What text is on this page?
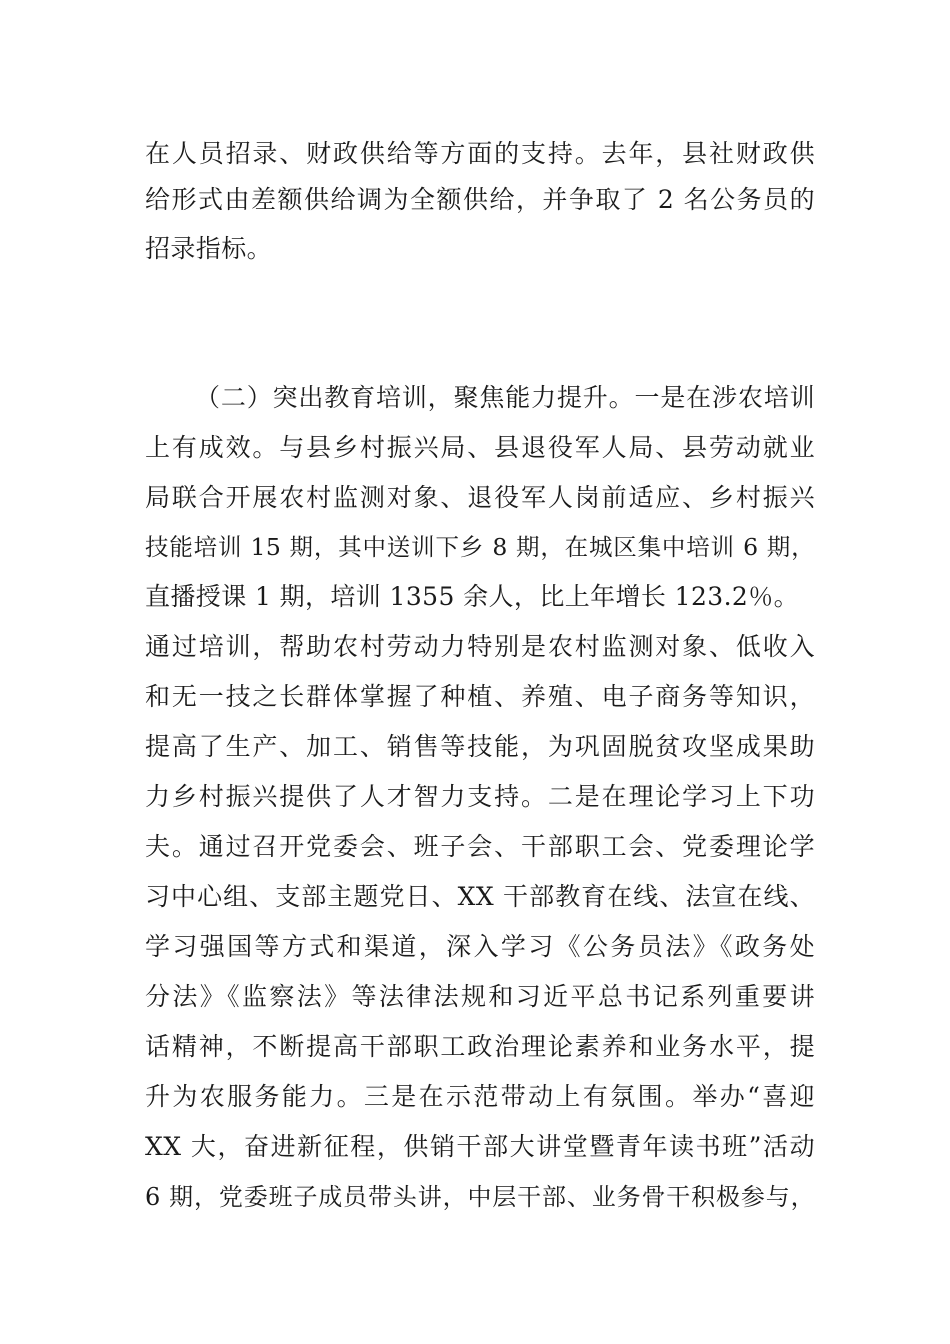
在人员招录、财政供给等方面的支持。去年，县社财政供
给形式由差额供给调为全额供给，并争取了 2 名公务员的
招录指标。
（二）突出教育培训，聚焦能力提升。一是在涉农培训
上有成效。与县乡村振兴局、县退役军人局、县劳动就业
局联合开展农村监测对象、退役军人岗前适应、乡村振兴
技能培训 15 期，其中送训下乡 8 期，在城区集中培训 6 期，
直播授课 1 期，培训 1355 余人，比上年增长 123.2％。
通过培训，帮助农村劳动力特别是农村监测对象、低收入
和无一技之长群体掌握了种植、养殖、电子商务等知识，
提高了生产、加工、销售等技能，为巩固脱贫攻坚成果助
力乡村振兴提供了人才智力支持。二是在理论学习上下功
夫。通过召开党委会、班子会、干部职工会、党委理论学
习中心组、支部主题党日、XX 干部教育在线、法宣在线、
学习强国等方式和渠道，深入学习《公务员法》《政务处
分法》《监察法》等法律法规和习近平总书记系列重要讲
话精神，不断提高干部职工政治理论素养和业务水平，提
升为农服务能力。三是在示范带动上有氛围。举办“喜迎
XX 大，奋进新征程，供销干部大讲堂暨青年读书班”活动
6 期，党委班子成员带头讲，中层干部、业务骨干积极参与，
